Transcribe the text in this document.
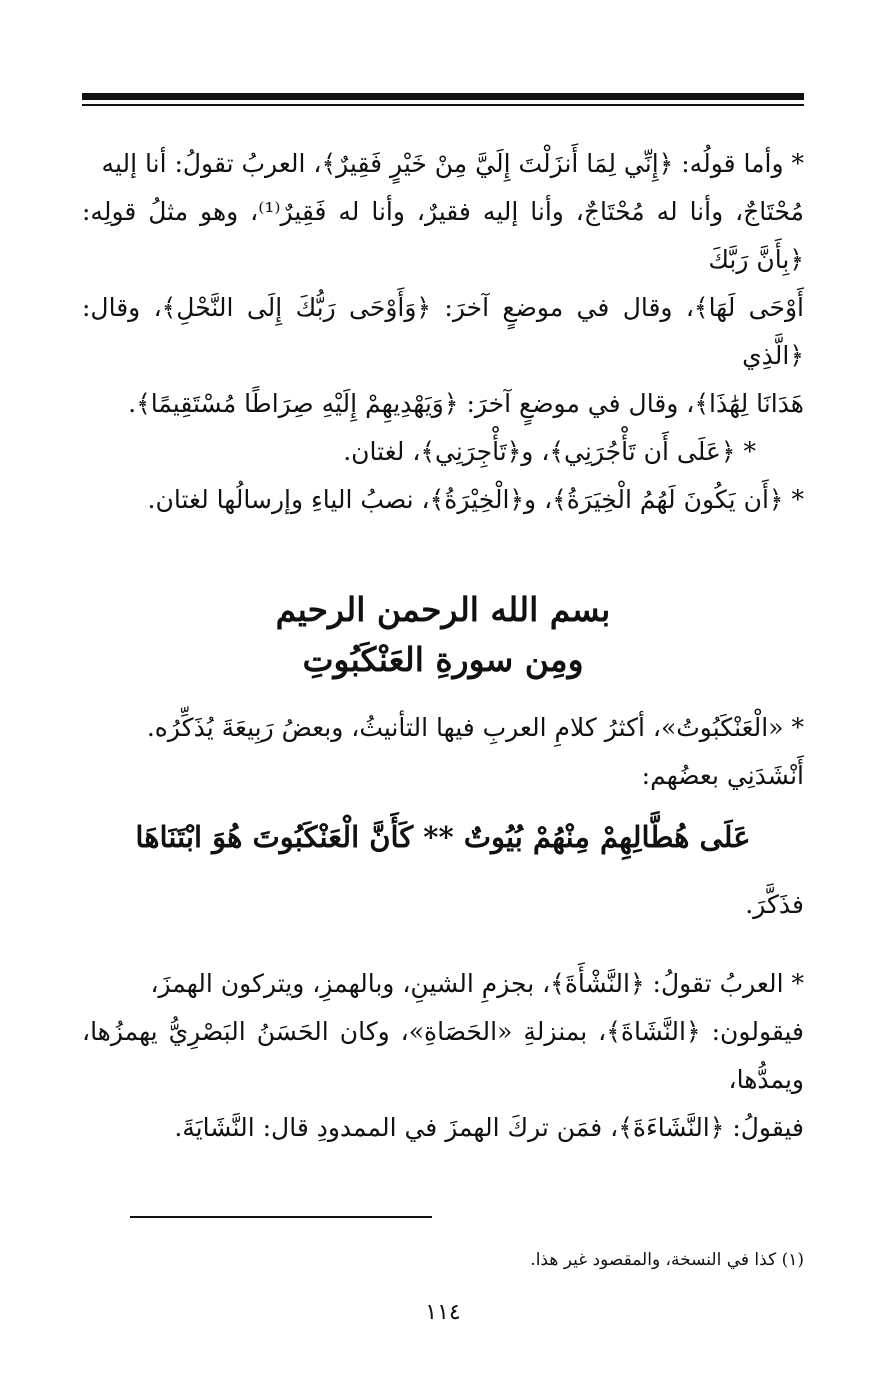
* وأما قولُه: ﴿إِنِّي لِمَا أَنزَلْتَ إِلَيَّ مِنْ خَيْرٍ فَقِيرٌ﴾، العربُ تقولُ: أنا إليه
مُحْتَاجٌ، وأنا له مُحْتَاجٌ، وأنا إليه فقيرٌ، وأنا له فَقِيرٌ⁽¹⁾، وهو مثلُ قولِه: ﴿بِأَنَّ رَبَّكَ
أَوْحَى لَهَا﴾، وقال في موضعٍ آخرَ: ﴿وَأَوْحَى رَبُّكَ إِلَى النَّحْلِ﴾، وقال: ﴿الَّذِي
هَدَانَا لِهَٰذَا﴾، وقال في موضعٍ آخرَ: ﴿وَيَهْدِيهِمْ إِلَيْهِ صِرَاطًا مُسْتَقِيمًا﴾.
* ﴿عَلَى أَن تَأْجُرَنِي﴾، و﴿تَأْجِرَنِي﴾، لغتان.
* ﴿أَن يَكُونَ لَهُمُ الْخِيَرَةُ﴾، و﴿الْخِيْرَةُ﴾، نصبُ الياءِ وإرسالُها لغتان.
بسم الله الرحمن الرحيم
ومِن سورةِ العَنْكَبُوتِ
* «الْعَنْكَبُوتُ»، أكثرُ كلامِ العربِ فيها التأنيثُ، وبعضُ رَبِيعَةَ يُذَكِّرُه.
أَنْشَدَنِي بعضُهم:
عَلَى هُطَّالِهِمْ مِنْهُمْ بُيُوتٌ ** كَأَنَّ الْعَنْكَبُوتَ هُوَ ابْتَنَاهَا
فذَكَّرَ.
* العربُ تقولُ: ﴿النَّشْأَةَ﴾، بجزمِ الشينِ، وبالهمزِ، ويتركون الهمزَ،
فيقولون: ﴿النَّشَاةَ﴾، بمنزلةِ «الحَصَاةِ»، وكان الحَسَنُ البَصْرِيُّ يهمزُها، ويمدُّها،
فيقولُ: ﴿النَّشَاءَةَ﴾، فمَن تركَ الهمزَ في الممدودِ قال: النَّشَايَةَ.
(١) كذا في النسخة، والمقصود غير هذا.
١١٤
